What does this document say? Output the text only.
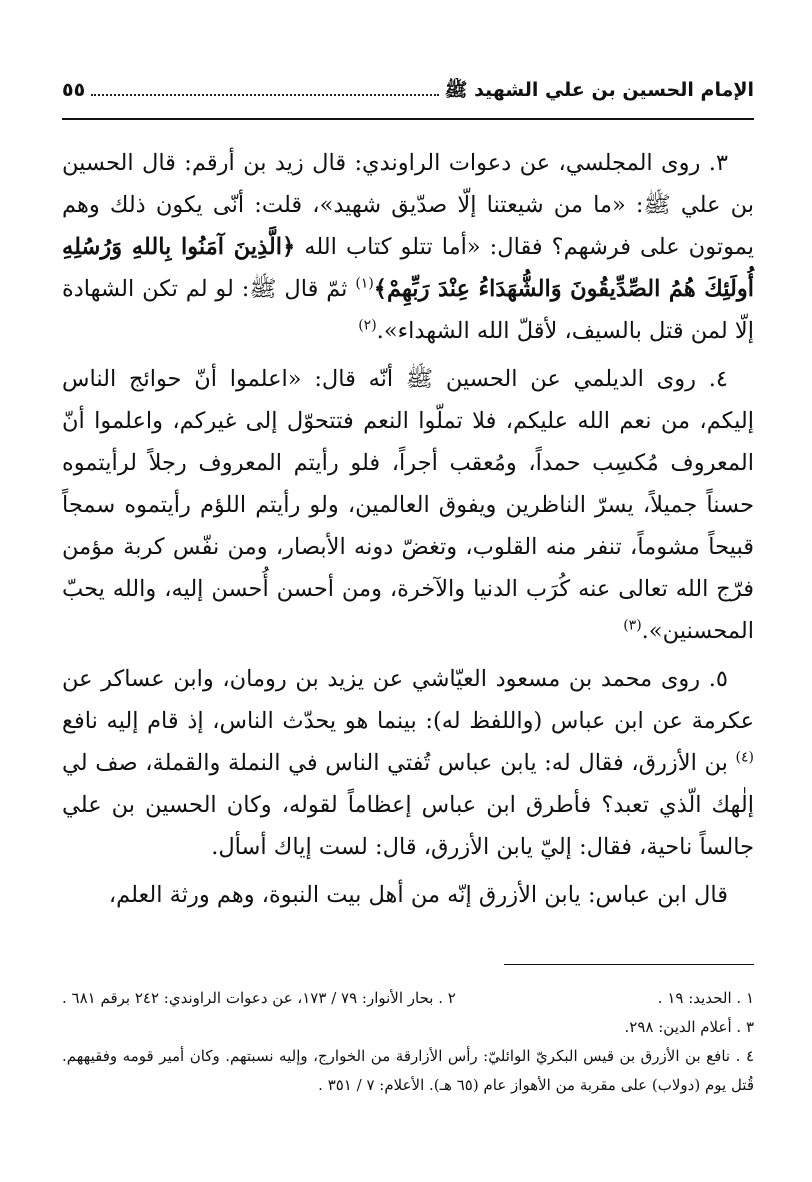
الإمام الحسين بن علي الشهيد ﷺ
٥٥

٣. روى المجلسي، عن دعوات الراوندي: قال زيد بن أرقم: قال الحسين بن علي ﷺ: «ما من شيعتنا إلّا صدّيق شهيد»، قلت: أنّى يكون ذلك وهم يموتون على فرشهم؟ فقال: «أما تتلو كتاب الله ﴿الَّذِينَ آمَنُوا بِاللهِ وَرُسُلِهِ أُولَئِكَ هُمُ الصِّدِّيقُونَ وَالشُّهَدَاءُ عِنْدَ رَبِّهِمْ﴾$^{(١)}$ ثمّ قال ﷺ: لو لم تكن الشهادة إلّا لمن قتل بالسيف، لأقلّ الله الشهداء».$^{(٢)}$

٤. روى الديلمي عن الحسين ﷺ أنّه قال: «اعلموا أنّ حوائج الناس إليكم، من نعم الله عليكم، فلا تملّوا النعم فتتحوّل إلى غيركم، واعلموا أنّ المعروف مُكسِب حمداً، ومُعقب أجراً، فلو رأيتم المعروف رجلاً لرأيتموه حسناً جميلاً، يسرّ الناظرين ويفوق العالمين، ولو رأيتم اللؤم رأيتموه سمجاً قبيحاً مشوماً، تنفر منه القلوب، وتغضّ دونه الأبصار، ومن نفّس كربة مؤمن فرّج الله تعالى عنه كُرَب الدنيا والآخرة، ومن أحسن أُحسن إليه، والله يحبّ المحسنين».$^{(٣)}$

٥. روى محمد بن مسعود العيّاشي عن يزيد بن رومان، وابن عساكر عن عكرمة عن ابن عباس (واللفظ له): بينما هو يحدّث الناس، إذ قام إليه نافع $^{(٤)}$ بن الأزرق، فقال له: يابن عباس تُفتي الناس في النملة والقملة، صف لي إلٰهك الّذي تعبد؟ فأطرق ابن عباس إعظاماً لقوله، وكان الحسين بن علي جالساً ناحية، فقال: إليّ يابن الأزرق، قال: لست إياك أسأل.

قال ابن عباس: يابن الأزرق إنّه من أهل بيت النبوة، وهم ورثة العلم،

١ . الحديد: ١٩ .
٢ . بحار الأنوار: ٧٩ / ١٧٣، عن دعوات الراوندي: ٢٤٢ برقم ٦٨١ .

٣ . أعلام الدين: ٢٩٨.

٤ . نافع بن الأزرق بن قيس البكريّ الوائليّ: رأس الأزارقة من الخوارج، وإليه نسبتهم. وكان أمير قومه وفقيههم. قُتل يوم (دولاب) على مقربة من الأهواز عام (٦٥ هـ). الأعلام: ٧ / ٣٥١ .
